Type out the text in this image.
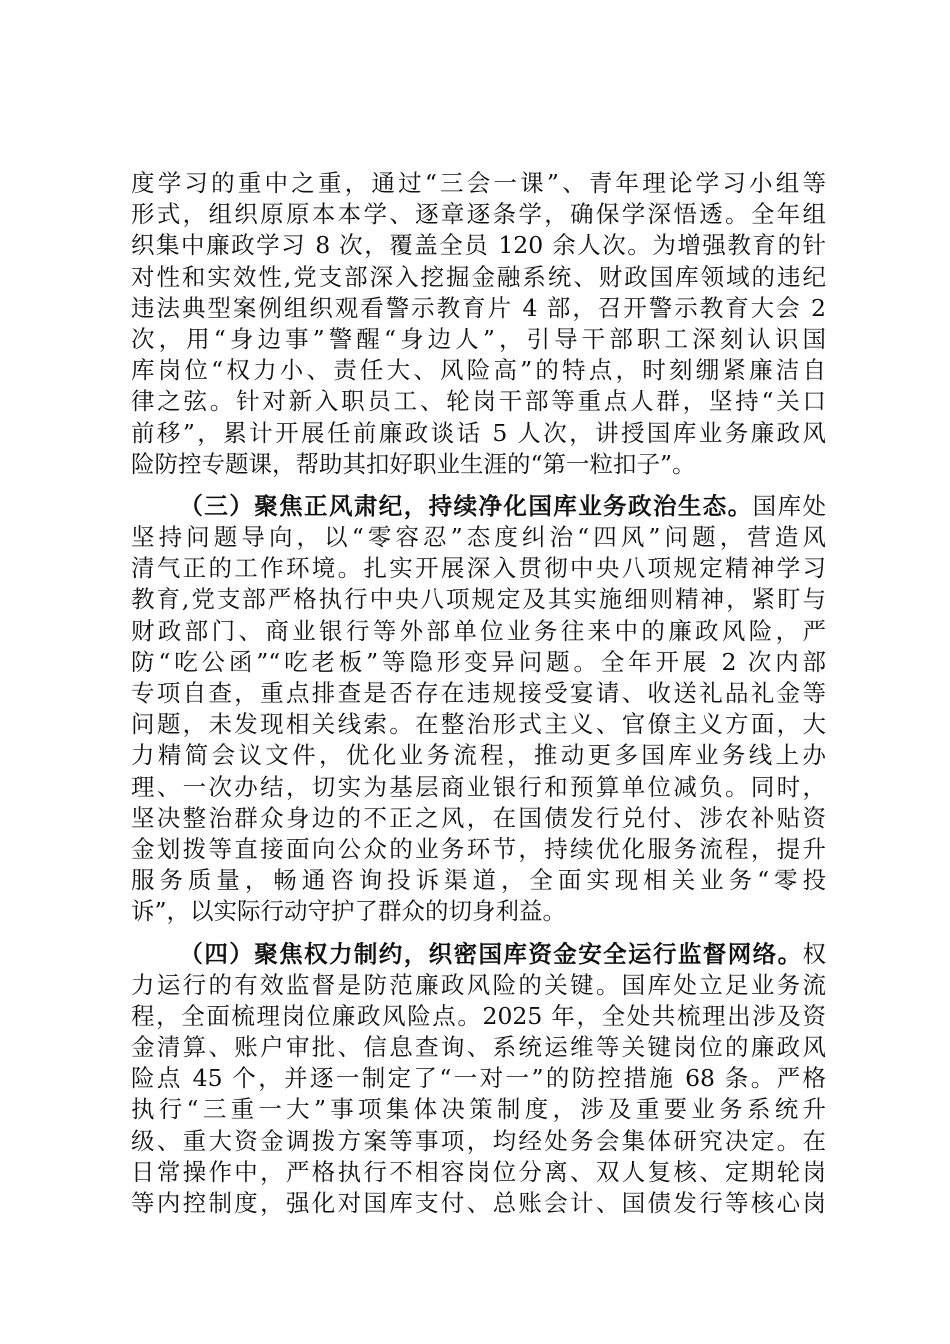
度学习的重中之重，通过“三会一课”、青年理论学习小组等
形式，组织原原本本学、逐章逐条学，确保学深悟透。全年组
织集中廉政学习 8 次，覆盖全员 120 余人次。为增强教育的针
对性和实效性,党支部深入挖掘金融系统、财政国库领域的违纪
违法典型案例组织观看警示教育片 4 部，召开警示教育大会 2
次，用“身边事”警醒“身边人”，引导干部职工深刻认识国
库岗位“权力小、责任大、风险高”的特点，时刻绷紧廉洁自
律之弦。针对新入职员工、轮岗干部等重点人群，坚持“关口
前移”，累计开展任前廉政谈话 5 人次，讲授国库业务廉政风
险防控专题课，帮助其扣好职业生涯的“第一粒扣子”。
（三）聚焦正风肃纪，持续净化国库业务政治生态。国库处
坚持问题导向，以“零容忍”态度纠治“四风”问题，营造风
清气正的工作环境。扎实开展深入贯彻中央八项规定精神学习
教育,党支部严格执行中央八项规定及其实施细则精神，紧盯与
财政部门、商业银行等外部单位业务往来中的廉政风险，严
防“吃公函”“吃老板”等隐形变异问题。全年开展 2 次内部
专项自查，重点排查是否存在违规接受宴请、收送礼品礼金等
问题，未发现相关线索。在整治形式主义、官僚主义方面，大
力精简会议文件，优化业务流程，推动更多国库业务线上办
理、一次办结，切实为基层商业银行和预算单位减负。同时，
坚决整治群众身边的不正之风，在国债发行兑付、涉农补贴资
金划拨等直接面向公众的业务环节，持续优化服务流程，提升
服务质量，畅通咨询投诉渠道，全面实现相关业务“零投
诉”，以实际行动守护了群众的切身利益。
（四）聚焦权力制约，织密国库资金安全运行监督网络。权
力运行的有效监督是防范廉政风险的关键。国库处立足业务流
程，全面梳理岗位廉政风险点。2025 年，全处共梳理出涉及资
金清算、账户审批、信息查询、系统运维等关键岗位的廉政风
险点 45 个，并逐一制定了“一对一”的防控措施 68 条。严格
执行“三重一大”事项集体决策制度，涉及重要业务系统升
级、重大资金调拨方案等事项，均经处务会集体研究决定。在
日常操作中，严格执行不相容岗位分离、双人复核、定期轮岗
等内控制度，强化对国库支付、总账会计、国债发行等核心岗
